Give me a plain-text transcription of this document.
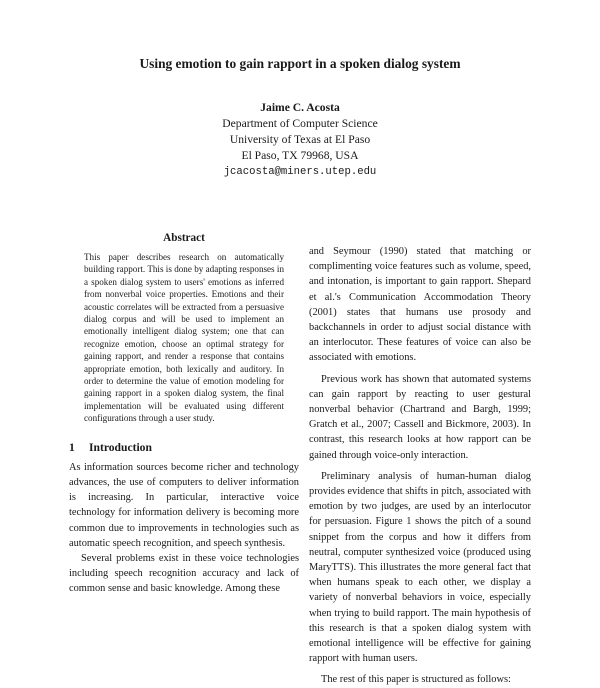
Using emotion to gain rapport in a spoken dialog system
Jaime C. Acosta
Department of Computer Science
University of Texas at El Paso
El Paso, TX 79968, USA
jcacosta@miners.utep.edu
Abstract
This paper describes research on automatically building rapport. This is done by adapting responses in a spoken dialog system to users' emotions as inferred from nonverbal voice properties. Emotions and their acoustic correlates will be extracted from a persuasive dialog corpus and will be used to implement an emotionally intelligent dialog system; one that can recognize emotion, choose an optimal strategy for gaining rapport, and render a response that contains appropriate emotion, both lexically and auditory. In order to determine the value of emotion modeling for gaining rapport in a spoken dialog system, the final implementation will be evaluated using different configurations through a user study.
1 Introduction

As information sources become richer and technology advances, the use of computers to deliver information is increasing. In particular, interactive voice technology for information delivery is becoming more common due to improvements in technologies such as automatic speech recognition, and speech synthesis.

Several problems exist in these voice technologies including speech recognition accuracy and lack of common sense and basic knowledge. Among these

and Seymour (1990) stated that matching or complimenting voice features such as volume, speed, and intonation, is important to gain rapport. Shepard et al.'s Communication Accommodation Theory (2001) states that humans use prosody and backchannels in order to adjust social distance with an interlocutor. These features of voice can also be associated with emotions.

Previous work has shown that automated systems can gain rapport by reacting to user gestural nonverbal behavior (Chartrand and Bargh, 1999; Gratch et al., 2007; Cassell and Bickmore, 2003). In contrast, this research looks at how rapport can be gained through voice-only interaction.

Preliminary analysis of human-human dialog provides evidence that shifts in pitch, associated with emotion by two judges, are used by an interlocutor for persuasion. Figure 1 shows the pitch of a sound snippet from the corpus and how it differs from neutral, computer synthesized voice (produced using MaryTTS). This illustrates the more general fact that when humans speak to each other, we display a variety of nonverbal behaviors in voice, especially when trying to build rapport. The main hypothesis of this research is that a spoken dialog system with emotional intelligence will be effective for gaining rapport with human users.

The rest of this paper is structured as follows:
